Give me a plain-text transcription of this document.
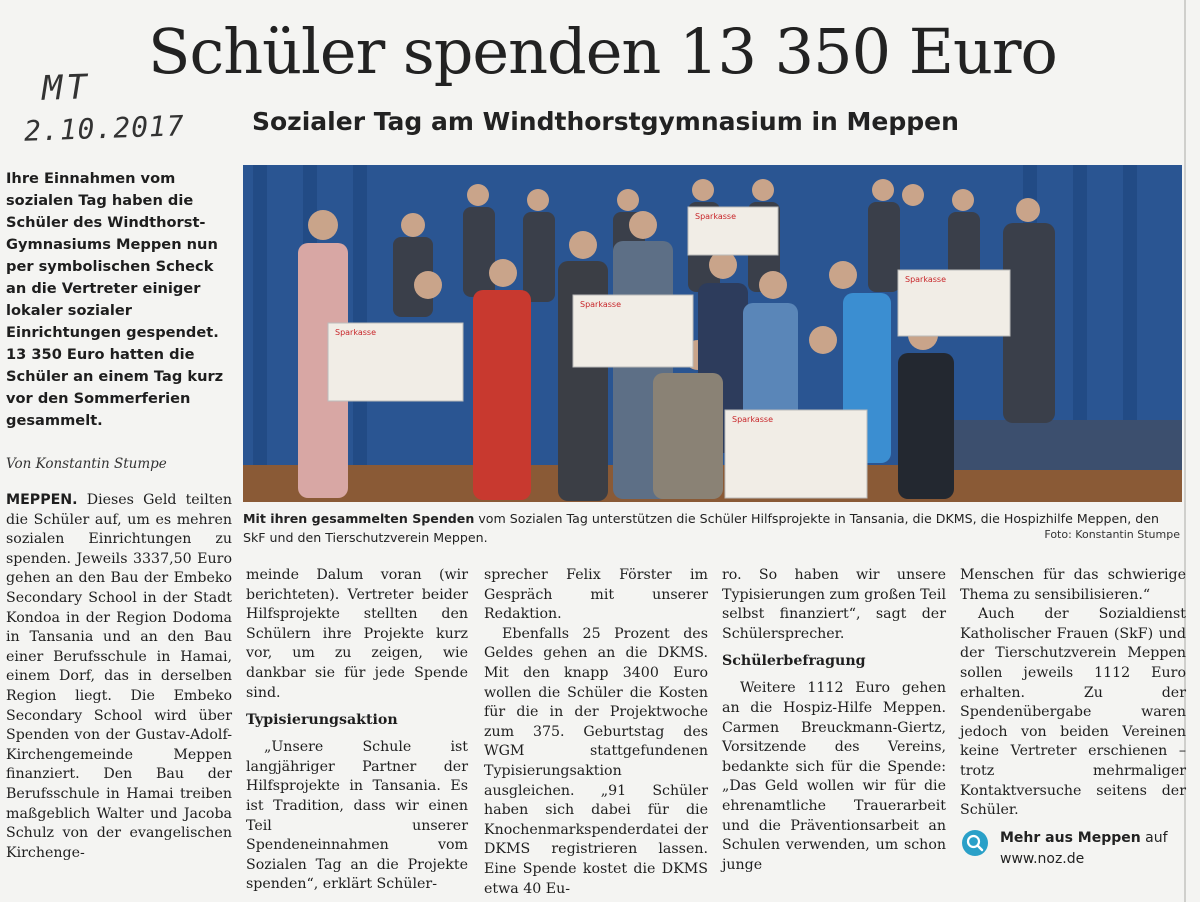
Schüler spenden 13 350 Euro
Sozialer Tag am Windthorstgymnasium in Meppen
MT
2.10.2017
Ihre Einnahmen vom sozialen Tag haben die Schüler des Windthorst-Gymnasiums Meppen nun per symbolischen Scheck an die Vertreter einiger lokaler sozialer Einrichtungen gespendet. 13 350 Euro hatten die Schüler an einem Tag kurz vor den Sommerferien gesammelt.
Von Konstantin Stumpe
Sparkasse
Sparkasse
Sparkasse
Sparkasse
Sparkasse
Mit ihren gesammelten Spenden vom Sozialen Tag unterstützen die Schüler Hilfsprojekte in Tansania, die DKMS, die Hospizhilfe Meppen, den SkF und den Tierschutzverein Meppen.	Foto: Konstantin Stumpe

MEPPEN. Dieses Geld teilten die Schüler auf, um es mehren sozialen Einrichtungen zu spenden. Jeweils 3337,50 Euro gehen an den Bau der Embeko Secondary School in der Stadt Kondoa in der Region Dodoma in Tansania und an den Bau einer Berufsschule in Hamai, einem Dorf, das in derselben Region liegt. Die Embeko Secondary School wird über Spenden von der Gustav-Adolf-Kirchengemeinde Meppen finanziert. Den Bau der Berufsschule in Hamai treiben maßgeblich Walter und Jacoba Schulz von der evangelischen Kirchenge-

meinde Dalum voran (wir berichteten). Vertreter beider Hilfsprojekte stellten den Schülern ihre Projekte kurz vor, um zu zeigen, wie dankbar sie für jede Spende sind.

Typisierungsaktion

„Unsere Schule ist langjähriger Partner der Hilfsprojekte in Tansania. Es ist Tradition, dass wir einen Teil unserer Spendeneinnahmen vom Sozialen Tag an die Projekte spenden“, erklärt Schüler-

sprecher Felix Förster im Gespräch mit unserer Redaktion.

Ebenfalls 25 Prozent des Geldes gehen an die DKMS. Mit den knapp 3400 Euro wollen die Schüler die Kosten für die in der Projektwoche zum 375. Geburtstag des WGM stattgefundenen Typisierungsaktion ausgleichen. „91 Schüler haben sich dabei für die Knochenmarkspenderdatei der DKMS registrieren lassen. Eine Spende kostet die DKMS etwa 40 Eu-

ro. So haben wir unsere Typisierungen zum großen Teil selbst finanziert“, sagt der Schülersprecher.

Schülerbefragung

Weitere 1112 Euro gehen an die Hospiz-Hilfe Meppen. Carmen Breuckmann-Giertz, Vorsitzende des Vereins, bedankte sich für die Spende: „Das Geld wollen wir für die ehrenamtliche Trauerarbeit und die Präventionsarbeit an Schulen verwenden, um schon junge

Menschen für das schwierige Thema zu sensibilisieren.“

Auch der Sozialdienst Katholischer Frauen (SkF) und der Tierschutzverein Meppen sollen jeweils 1112 Euro erhalten. Zu der Spendenübergabe waren jedoch von beiden Vereinen keine Vertreter erschienen – trotz mehrmaliger Kontaktversuche seitens der Schüler.

Mehr aus Meppen auf
www.noz.de
